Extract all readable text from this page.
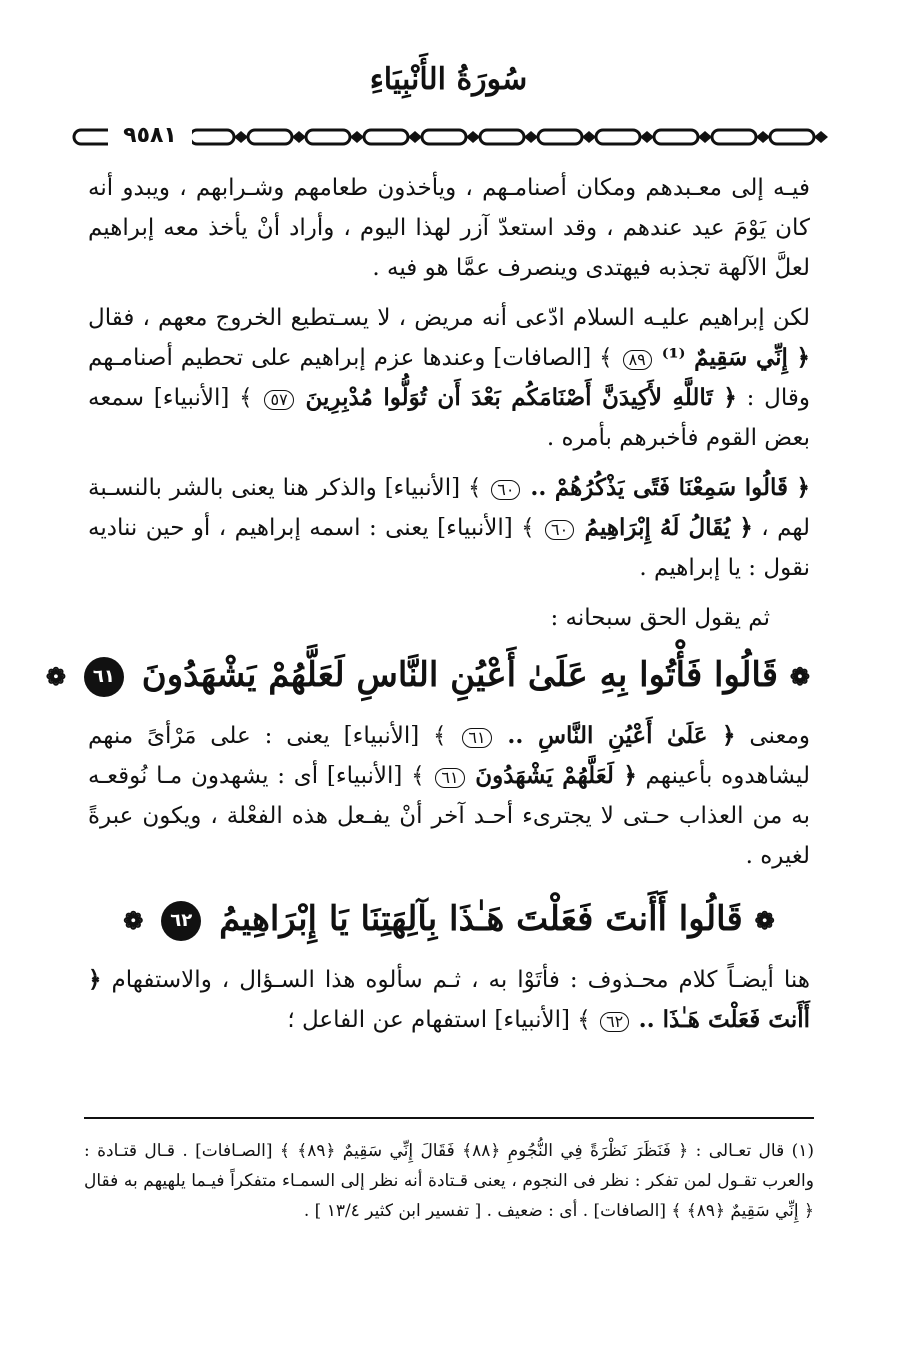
سُورَةُ الأَنْبِيَاءِ
٩٥٨١

فيـه إلى معـبدهم ومكان أصنامـهم ، ويأخذون طعامهم وشـرابهم ، ويبدو أنه كان يَوْمَ عيد عندهم ، وقد استعدّ آزر لهذا اليوم ، وأراد أنْ يأخذ معه إبراهيم لعلَّ الآلهة تجذبه فيهتدى وينصرف عمَّا هو فيه .

لكن إبراهيم عليـه السلام ادّعى أنه مريض ، لا يسـتطيع الخروج معهم ، فقال ﴿ إِنِّي سَقِيمٌ ⁽¹⁾ ٨٩ ﴾ [الصافات] وعندها عزم إبراهيم على تحطيم أصنامـهم وقال : ﴿ تَاللَّهِ لأَكِيدَنَّ أَصْنَامَكُم بَعْدَ أَن تُوَلُّوا مُدْبِرِينَ ٥٧ ﴾ [الأنبياء] سمعه بعض القوم فأخبرهم بأمره .

﴿ قَالُوا سَمِعْنَا فَتًى يَذْكُرُهُمْ .. ٦٠ ﴾ [الأنبياء] والذكر هنا يعنى بالشر بالنسـبة لهم ، ﴿ يُقَالُ لَهُ إِبْرَاهِيمُ ٦٠ ﴾ [الأنبياء] يعنى : اسمه إبراهيم ، أو حين نناديه نقول : يا إبراهيم .

ثم يقول الحق سبحانه :

❁ قَالُوا فَأْتُوا بِهِ عَلَىٰ أَعْيُنِ النَّاسِ لَعَلَّهُمْ يَشْهَدُونَ ٦١ ❁

ومعنى ﴿ عَلَىٰ أَعْيُنِ النَّاسِ .. ٦١ ﴾ [الأنبياء] يعنى : على مَرْأىً منهم ليشاهدوه بأعينهم ﴿ لَعَلَّهُمْ يَشْهَدُونَ ٦١ ﴾ [الأنبياء] أى : يشهدون مـا نُوقعـه به من العذاب حـتى لا يجترىء أحـد آخر أنْ يفـعل هذه الفعْلة ، ويكون عبرةً لغيره .

❁ قَالُوا أَأَنتَ فَعَلْتَ هَـٰذَا بِآلِهَتِنَا يَا إِبْرَاهِيمُ ٦٢ ❁

هنا أيضـاً كلام محـذوف : فأتَوْا به ، ثـم سألوه هذا السـؤال ، والاستفهام ﴿ أَأَنتَ فَعَلْتَ هَـٰذَا .. ٦٢ ﴾ [الأنبياء] استفهام عن الفاعل ؛

(١) قال تعـالى : ﴿ فَنَظَرَ نَظْرَةً فِي النُّجُومِ ﴿٨٨﴾ فَقَالَ إِنِّي سَقِيمٌ ﴿٨٩﴾ ﴾ [الصـافات] . قـال قتـادة : والعرب تقـول لمن تفكر : نظر فى النجوم ، يعنى قـتادة أنه نظر إلى السمـاء متفكراً فيـما يلهيهم به فقال ﴿ إِنِّي سَقِيمٌ ﴿٨٩﴾ ﴾ [الصافات] . أى : ضعيف . [ تفسير ابن كثير ١٣/٤ ] .
